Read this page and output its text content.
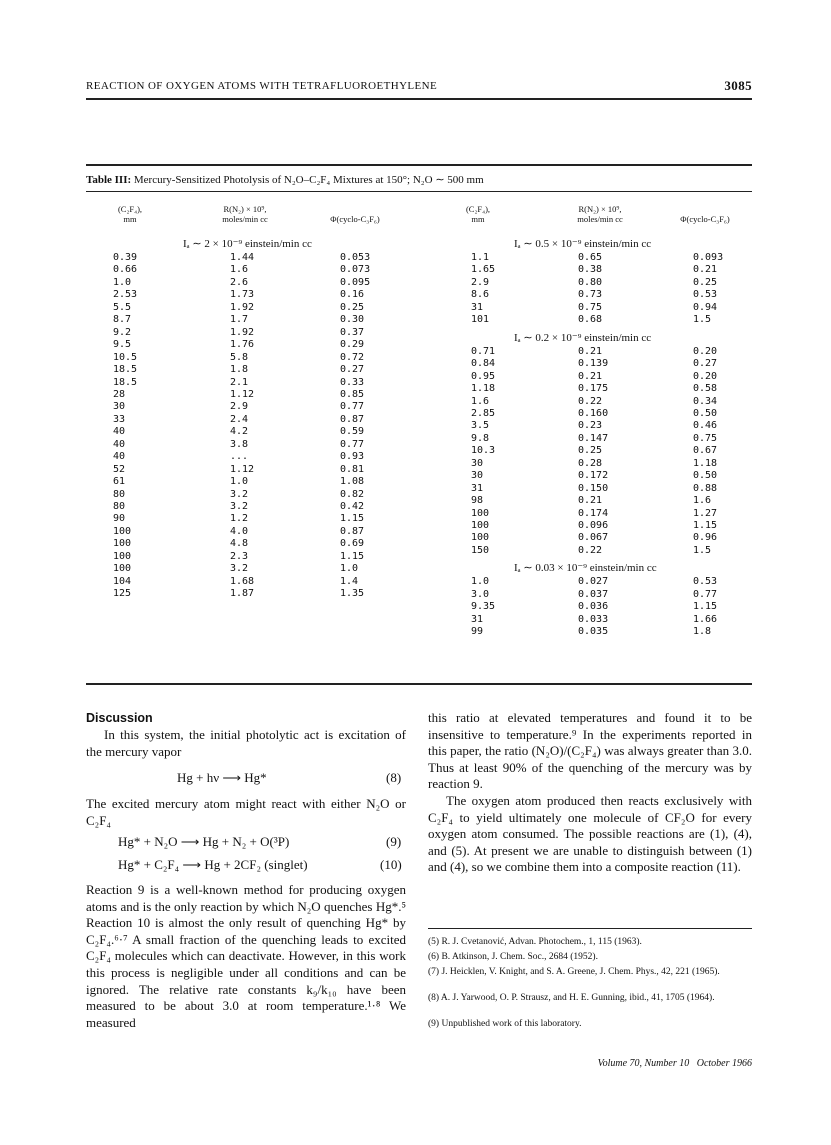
REACTION OF OXYGEN ATOMS WITH TETRAFLUOROETHYLENE	3085
Table III: Mercury-Sensitized Photolysis of N₂O–C₂F₄ Mixtures at 150°; N₂O ∼ 500 mm
(C₂F₄),
mm
R(N₂) × 10⁹,
moles/min cc	Φ(cyclo-C₃F₆)
(C₂F₄),
mm
R(N₂) × 10⁹,
moles/min cc	Φ(cyclo-C₃F₆)
Iₐ ∼ 2 × 10⁻⁹ einstein/min cc
0.39	1.44	0.053
0.66	1.6	0.073
1.0	2.6	0.095
2.53	1.73	0.16
5.5	1.92	0.25
8.7	1.7	0.30
9.2	1.92	0.37
9.5	1.76	0.29
10.5	5.8	0.72
18.5	1.8	0.27
18.5	2.1	0.33
28	1.12	0.85
30	2.9	0.77
33	2.4	0.87
40	4.2	0.59
40	3.8	0.77
40	...	0.93
52	1.12	0.81
61	1.0	1.08
80	3.2	0.82
80	3.2	0.42
90	1.2	1.15
100	4.0	0.87
100	4.8	0.69
100	2.3	1.15
100	3.2	1.0
104	1.68	1.4
125	1.87	1.35
Iₐ ∼ 0.5 × 10⁻⁹ einstein/min cc
1.1	0.65	0.093
1.65	0.38	0.21
2.9	0.80	0.25
8.6	0.73	0.53
31	0.75	0.94
101	0.68	1.5
Iₐ ∼ 0.2 × 10⁻⁹ einstein/min cc
0.71	0.21	0.20
0.84	0.139	0.27
0.95	0.21	0.20
1.18	0.175	0.58
1.6	0.22	0.34
2.85	0.160	0.50
3.5	0.23	0.46
9.8	0.147	0.75
10.3	0.25	0.67
30	0.28	1.18
30	0.172	0.50
31	0.150	0.88
98	0.21	1.6
100	0.174	1.27
100	0.096	1.15
100	0.067	0.96
150	0.22	1.5
Iₐ ∼ 0.03 × 10⁻⁹ einstein/min cc
1.0	0.027	0.53
3.0	0.037	0.77
9.35	0.036	1.15
31	0.033	1.66
99	0.035	1.8
Discussion
In this system, the initial photolytic act is excitation of the mercury vapor
Hg + hν ⟶ Hg*	(8)
The excited mercury atom might react with either N₂O or C₂F₄
Hg* + N₂O ⟶ Hg + N₂ + O(³P)	(9)
Hg* + C₂F₄ ⟶ Hg + 2CF₂ (singlet)	(10)
Reaction 9 is a well-known method for producing oxygen atoms and is the only reaction by which N₂O quenches Hg*.⁵ Reaction 10 is almost the only result of quenching Hg* by C₂F₄.⁶·⁷ A small fraction of the quenching leads to excited C₂F₄ molecules which can deactivate. However, in this work this process is negligible under all conditions and can be ignored. The relative rate constants k₉/k₁₀ have been measured to be about 3.0 at room temperature.¹·⁸ We measured
this ratio at elevated temperatures and found it to be insensitive to temperature.⁹ In the experiments reported in this paper, the ratio (N₂O)/(C₂F₄) was always greater than 3.0. Thus at least 90% of the quenching of the mercury was by reaction 9.
The oxygen atom produced then reacts exclusively with C₂F₄ to yield ultimately one molecule of CF₂O for every oxygen atom consumed. The possible reactions are (1), (4), and (5). At present we are unable to distinguish between (1) and (4), so we combine them into a composite reaction (11).
(5) R. J. Cvetanović, Advan. Photochem., 1, 115 (1963).
(6) B. Atkinson, J. Chem. Soc., 2684 (1952).
(7) J. Heicklen, V. Knight, and S. A. Greene, J. Chem. Phys., 42, 221 (1965).
(8) A. J. Yarwood, O. P. Strausz, and H. E. Gunning, ibid., 41, 1705 (1964).
(9) Unpublished work of this laboratory.
Volume 70, Number 10   October 1966
